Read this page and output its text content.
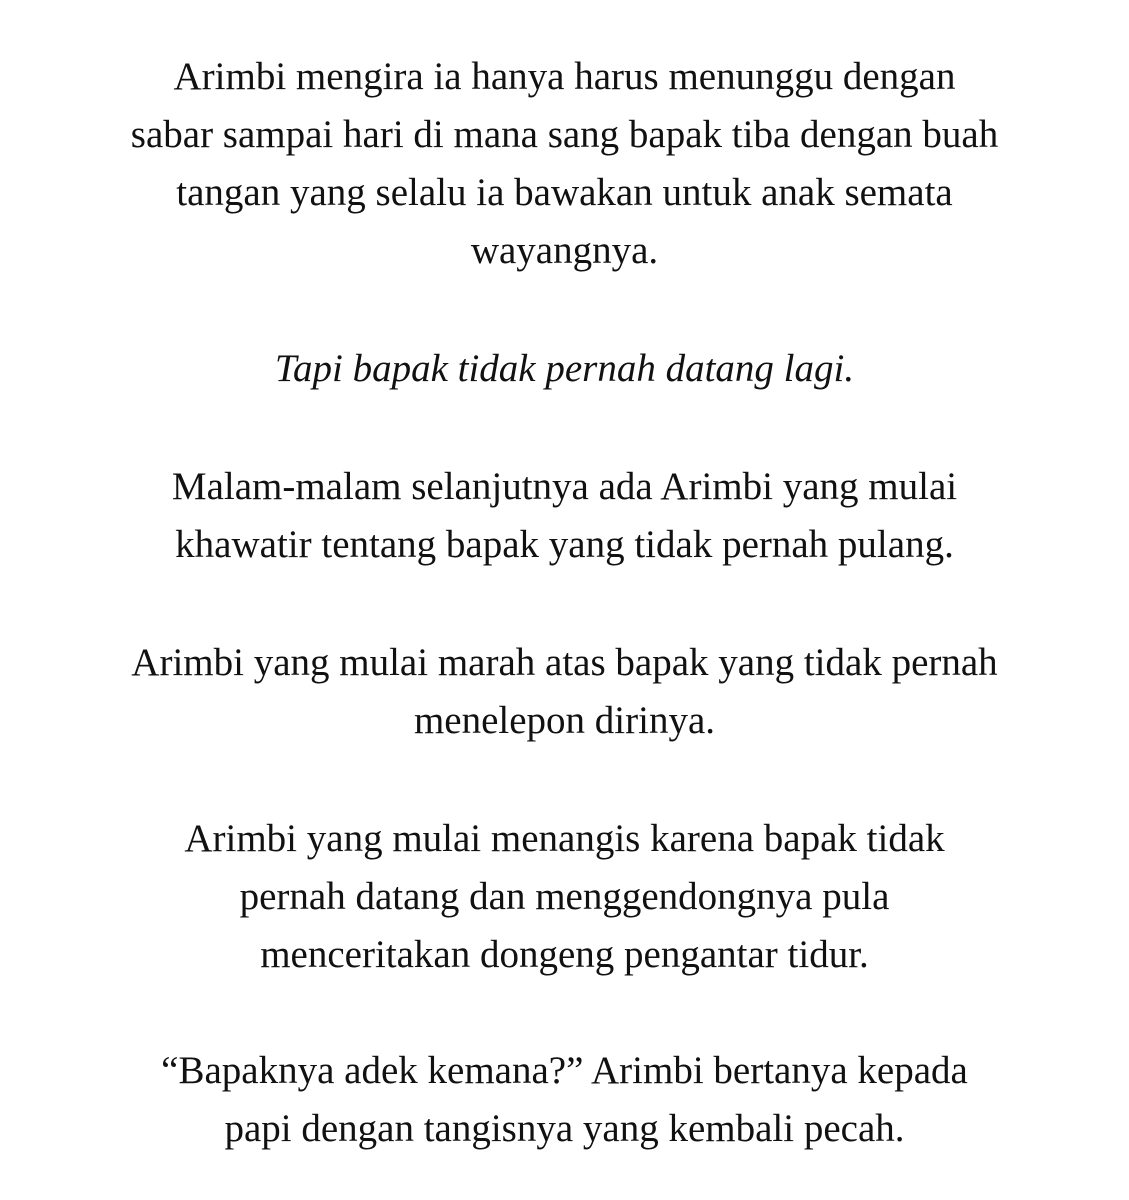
Arimbi mengira ia hanya harus menunggu dengan
sabar sampai hari di mana sang bapak tiba dengan buah
tangan yang selalu ia bawakan untuk anak semata
wayangnya.
Tapi bapak tidak pernah datang lagi.
Malam-malam selanjutnya ada Arimbi yang mulai
khawatir tentang bapak yang tidak pernah pulang.
Arimbi yang mulai marah atas bapak yang tidak pernah
menelepon dirinya.
Arimbi yang mulai menangis karena bapak tidak
pernah datang dan menggendongnya pula
menceritakan dongeng pengantar tidur.
“Bapaknya adek kemana?” Arimbi bertanya kepada
papi dengan tangisnya yang kembali pecah.
